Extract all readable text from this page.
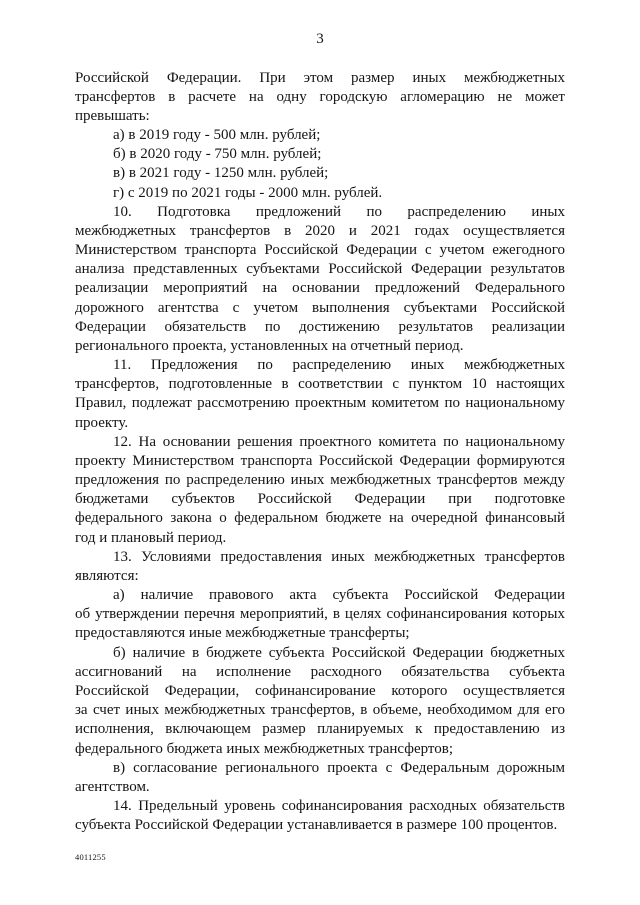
3
Российской Федерации. При этом размер иных межбюджетных
трансфертов в расчете на одну городскую агломерацию не может
превышать:
а) в 2019 году - 500 млн. рублей;
б) в 2020 году - 750 млн. рублей;
в) в 2021 году - 1250 млн. рублей;
г) с 2019 по 2021 годы - 2000 млн. рублей.
10. Подготовка предложений по распределению иных
межбюджетных трансфертов в 2020 и 2021 годах осуществляется
Министерством транспорта Российской Федерации с учетом ежегодного
анализа представленных субъектами Российской Федерации результатов
реализации мероприятий на основании предложений Федерального
дорожного агентства с учетом выполнения субъектами Российской
Федерации обязательств по достижению результатов реализации
регионального проекта, установленных на отчетный период.
11. Предложения по распределению иных межбюджетных
трансфертов, подготовленные в соответствии с пунктом 10 настоящих
Правил, подлежат рассмотрению проектным комитетом по национальному
проекту.
12. На основании решения проектного комитета по национальному
проекту Министерством транспорта Российской Федерации формируются
предложения по распределению иных межбюджетных трансфертов между
бюджетами субъектов Российской Федерации при подготовке
федерального закона о федеральном бюджете на очередной финансовый
год и плановый период.
13. Условиями предоставления иных межбюджетных трансфертов
являются:
а) наличие правового акта субъекта Российской Федерации
об утверждении перечня мероприятий, в целях софинансирования которых
предоставляются иные межбюджетные трансферты;
б) наличие в бюджете субъекта Российской Федерации бюджетных
ассигнований на исполнение расходного обязательства субъекта
Российской Федерации, софинансирование которого осуществляется
за счет иных межбюджетных трансфертов, в объеме, необходимом для его
исполнения, включающем размер планируемых к предоставлению из
федерального бюджета иных межбюджетных трансфертов;
в) согласование регионального проекта с Федеральным дорожным
агентством.
14. Предельный уровень софинансирования расходных обязательств
субъекта Российской Федерации устанавливается в размере 100 процентов.
4011255
